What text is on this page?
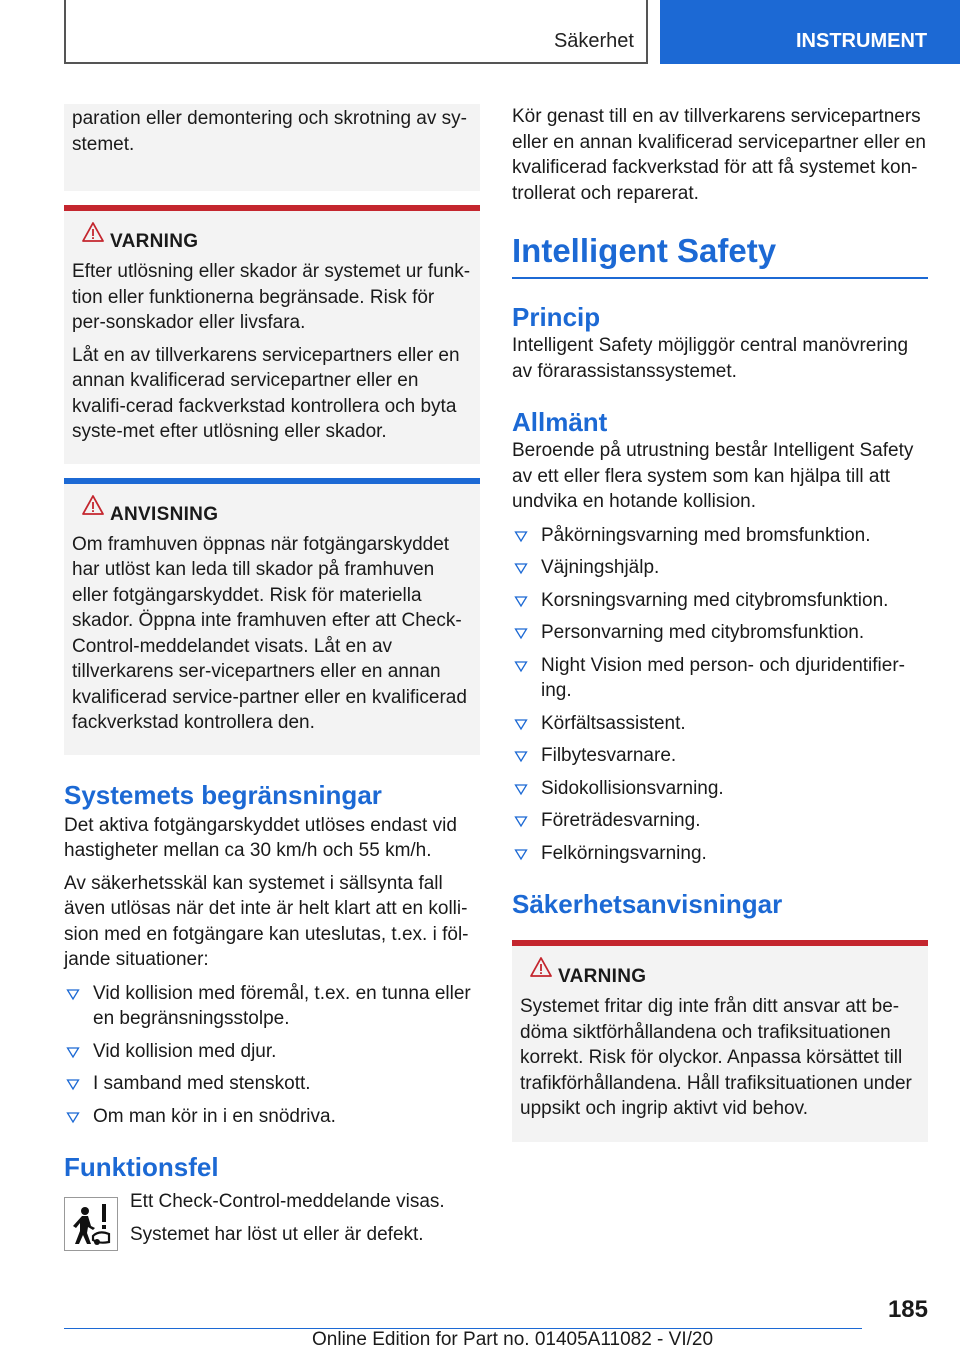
Säkerhet	INSTRUMENT

paration eller demontering och skrotning av sy-stemet.

VARNING

Efter utlösning eller skador är systemet ur funk-tion eller funktionerna begränsade. Risk för per-sonskador eller livsfara.

Låt en av tillverkarens servicepartners eller en annan kvalificerad servicepartner eller en kvalifi-cerad fackverkstad kontrollera och byta syste-met efter utlösning eller skador.

ANVISNING

Om framhuven öppnas när fotgängarskyddet har utlöst kan leda till skador på framhuven eller fotgängarskyddet. Risk för materiella skador. Öppna inte framhuven efter att Check-Control-meddelandet visats. Låt en av tillverkarens ser-vicepartners eller en annan kvalificerad service-partner eller en kvalificerad fackverkstad kontrollera den.

Systemets begränsningar

Det aktiva fotgängarskyddet utlöses endast vid hastigheter mellan ca 30 km/h och 55 km/h.

Av säkerhetsskäl kan systemet i sällsynta fall även utlösas när det inte är helt klart att en kolli-sion med en fotgängare kan uteslutas, t.ex. i föl-jande situationer:

Vid kollision med föremål, t.ex. en tunna eller en begränsningsstolpe.
Vid kollision med djur.
I samband med stenskott.
Om man kör in i en snödriva.
Funktionsfel

Ett Check-Control-meddelande visas.

Systemet har löst ut eller är defekt.

Kör genast till en av tillverkarens servicepartners eller en annan kvalificerad servicepartner eller en kvalificerad fackverkstad för att få systemet kon-trollerat och reparerat.

Intelligent Safety
Princip

Intelligent Safety möjliggör central manövrering av förarassistanssystemet.

Allmänt

Beroende på utrustning består Intelligent Safety av ett eller flera system som kan hjälpa till att undvika en hotande kollision.

Påkörningsvarning med bromsfunktion.
Väjningshjälp.
Korsningsvarning med citybromsfunktion.
Personvarning med citybromsfunktion.
Night Vision med person- och djuridentifier-ing.
Körfältsassistent.
Filbytesvarnare.
Sidokollisionsvarning.
Företrädesvarning.
Felkörningsvarning.
Säkerhetsanvisningar
VARNING

Systemet fritar dig inte från ditt ansvar att be-döma siktförhållandena och trafiksituationen korrekt. Risk för olyckor. Anpassa körsättet till trafikförhållandena. Håll trafiksituationen under uppsikt och ingrip aktivt vid behov.

185
Online Edition for Part no. 01405A11082 - VI/20
